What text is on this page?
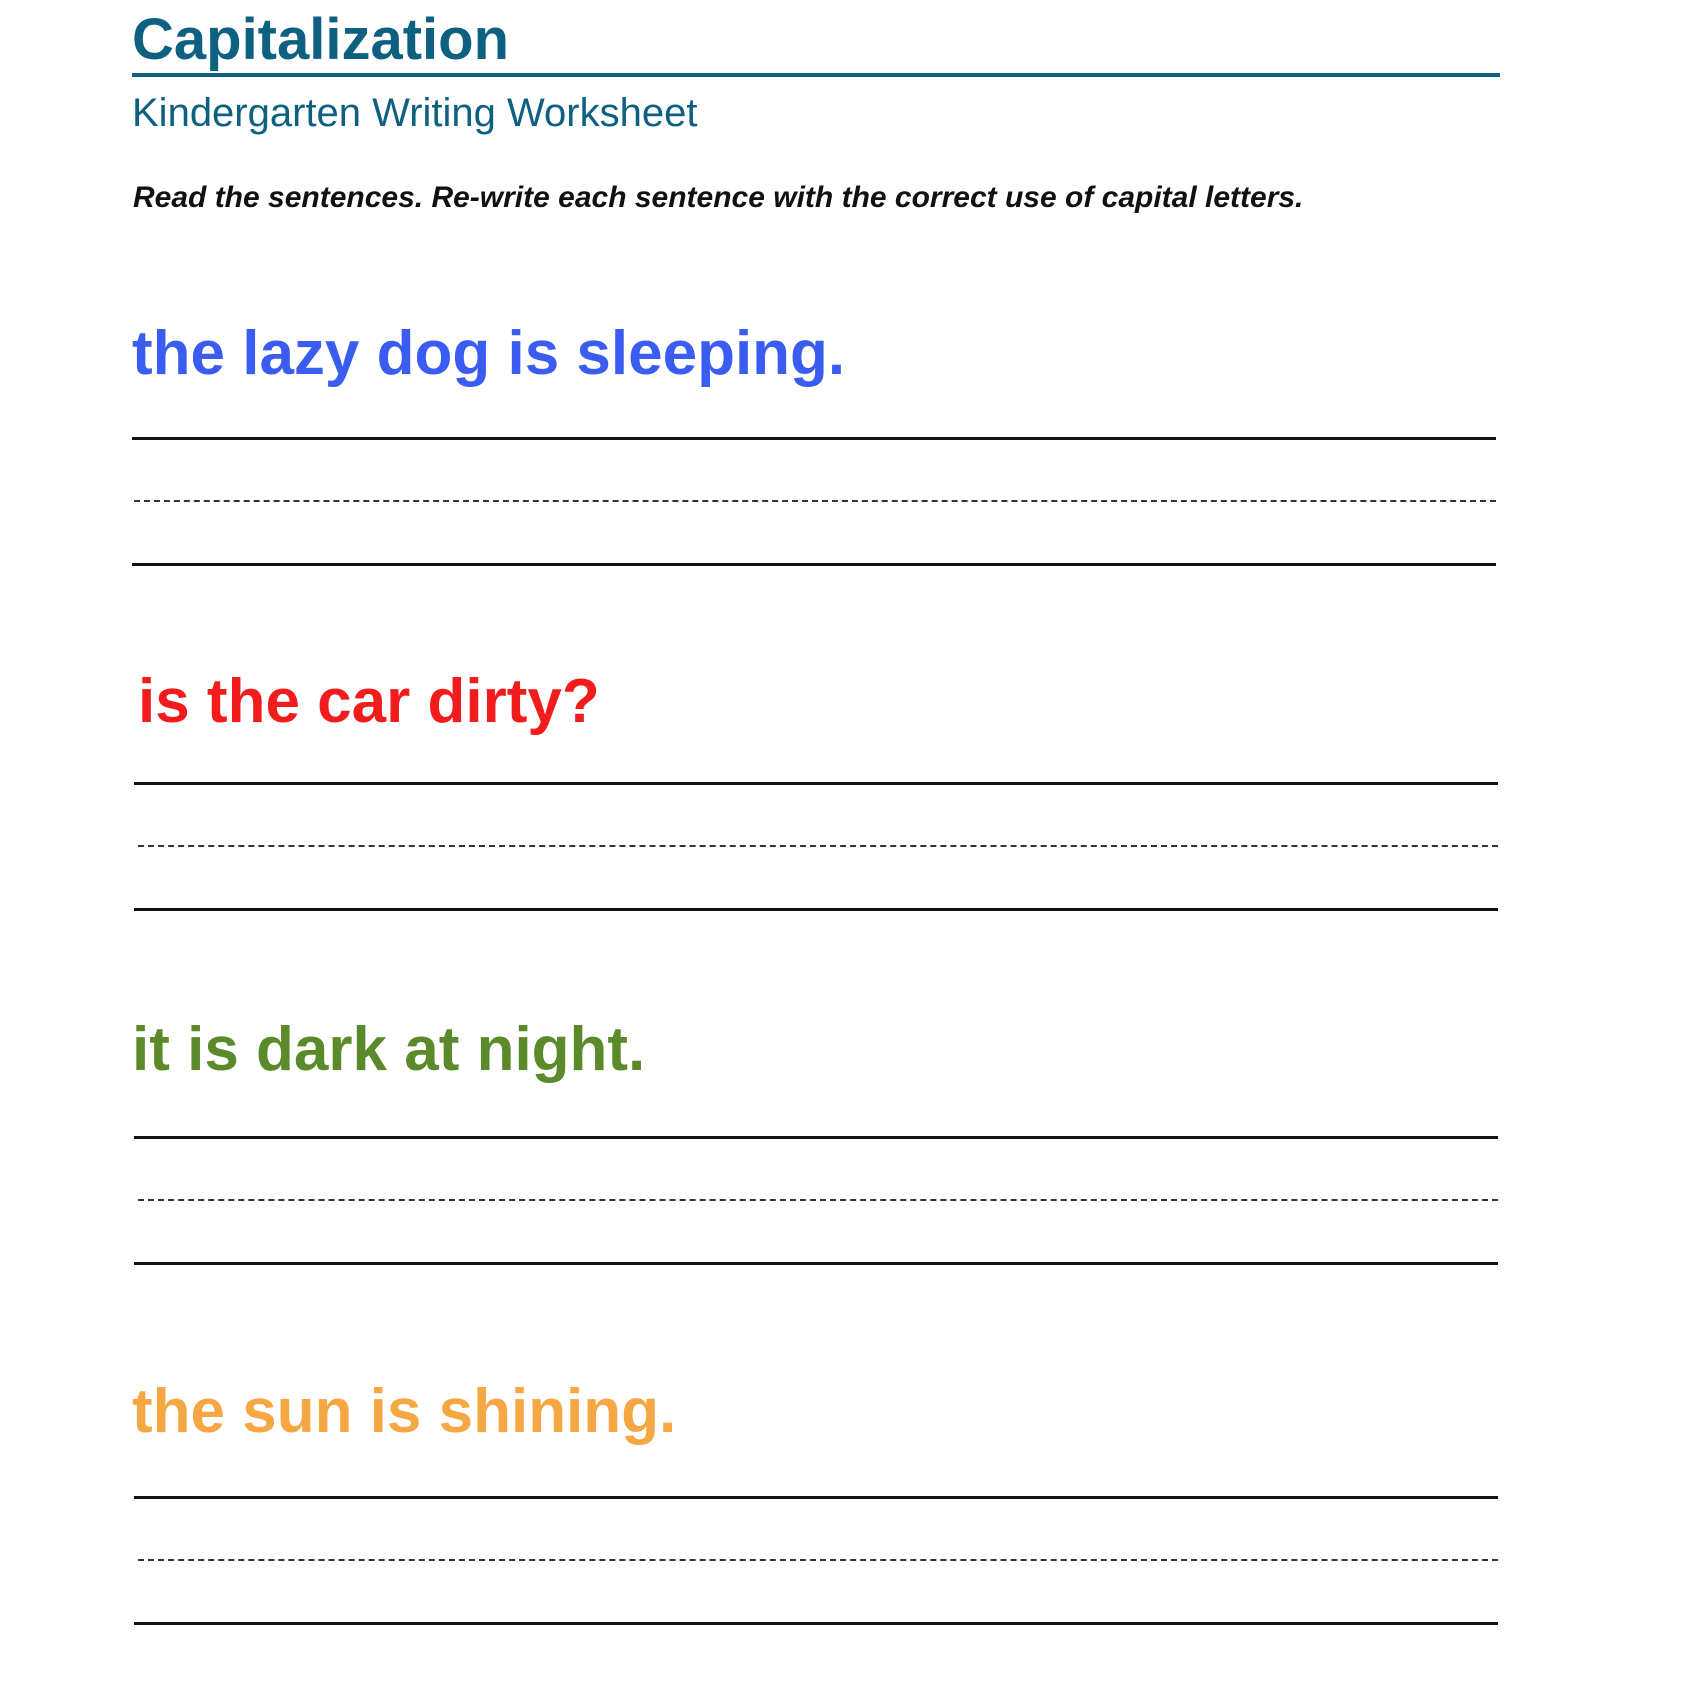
Capitalization
Kindergarten Writing Worksheet
Read the sentences. Re-write each sentence with the correct use of capital letters.
the lazy dog is sleeping.
is the car dirty?
it is dark at night.
the sun is shining.
